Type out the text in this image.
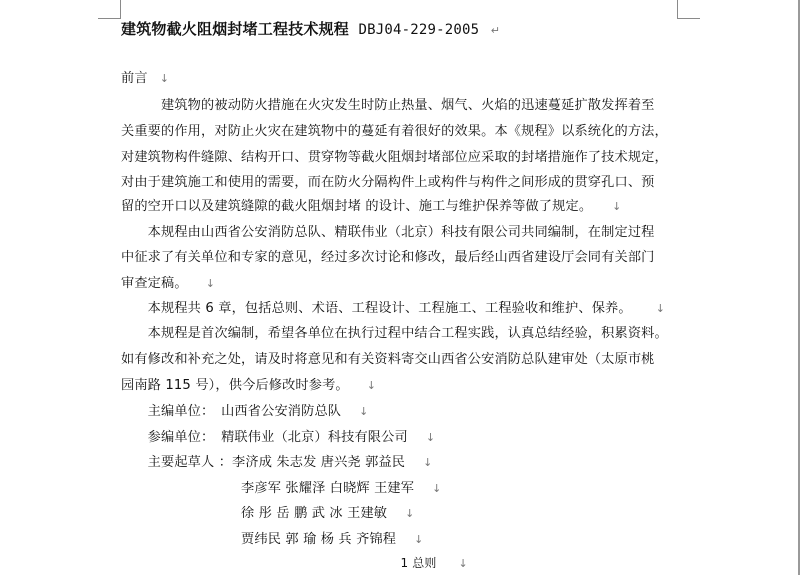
建筑物截火阻烟封堵工程技术规程 DBJ04-229-2005 ↵
前言 ↓
　　　建筑物的被动防火措施在火灾发生时防止热量、烟气、火焰的迅速蔓延扩散发挥着至
关重要的作用，对防止火灾在建筑物中的蔓延有着很好的效果。本《规程》以系统化的方法，
对建筑物构件缝隙、结构开口、贯穿物等截火阻烟封堵部位应采取的封堵措施作了技术规定，
对由于建筑施工和使用的需要，而在防火分隔构件上或构件与构件之间形成的贯穿孔口、预
留的空开口以及建筑缝隙的截火阻烟封堵 的设计、施工与维护保养等做了规定。 ↓
　　本规程由山西省公安消防总队、精联伟业（北京）科技有限公司共同编制，在制定过程
中征求了有关单位和专家的意见，经过多次讨论和修改，最后经山西省建设厅会同有关部门
审查定稿。 ↓
　　本规程共 6 章，包括总则、术语、工程设计、工程施工、工程验收和维护、保养。 ↓
　　本规程是首次编制，希望各单位在执行过程中结合工程实践，认真总结经验，积累资料。
如有修改和补充之处，请及时将意见和有关资料寄交山西省公安消防总队建审处（太原市桃
园南路 115 号），供今后修改时参考。 ↓
　　主编单位：　山西省公安消防总队 ↓
　　参编单位：　精联伟业（北京）科技有限公司 ↓
　　主要起草人 ：李济成 朱志发 唐兴尧 郭益民 ↓
　　　　　　　　　李彦军 张耀泽 白晓辉 王建军 ↓
　　　　　　　　　徐 彤 岳 鹏 武 冰 王建敏 ↓
　　　　　　　　　贾纬民 郭 瑜 杨 兵 齐锦程 ↓
　　　　　　　　　　　　　　　　　　　　　　　1 总则 ↓
